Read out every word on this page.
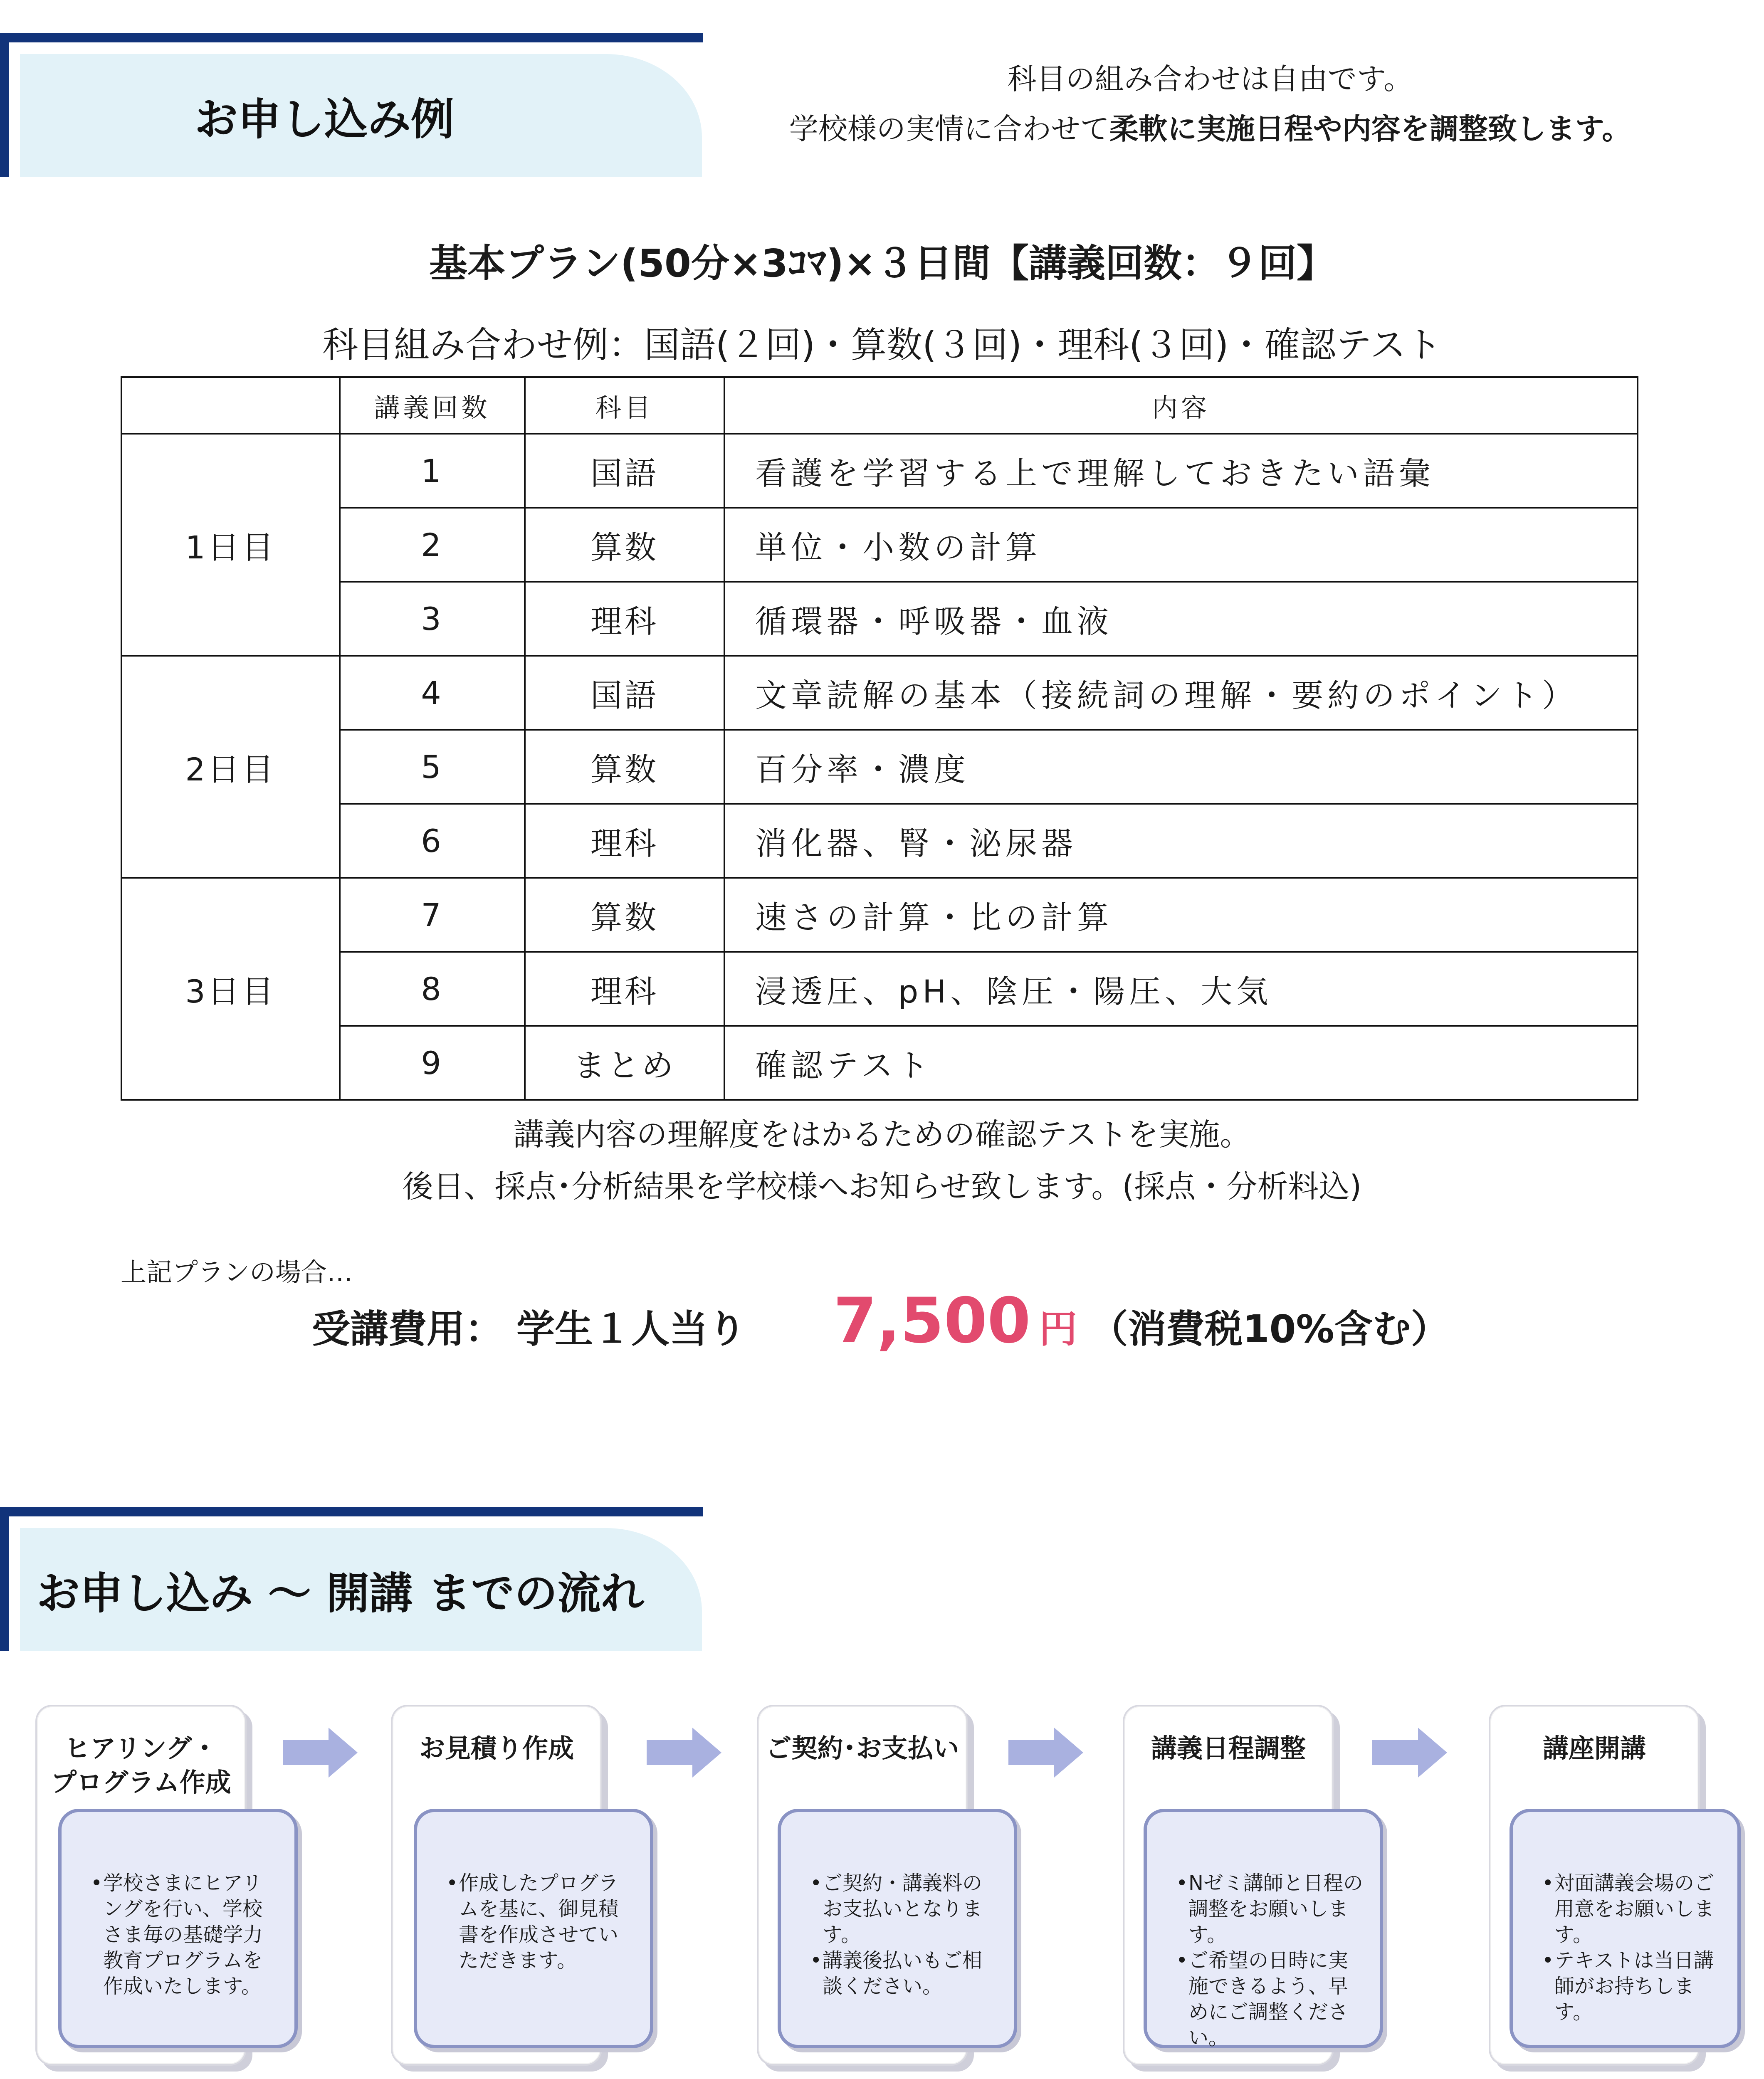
お申し込み例
科目の組み合わせは自由です。
学校様の実情に合わせて柔軟に実施日程や内容を調整致します。
基本プラン(50分×3ｺﾏ)×３日間【講義回数：９回】
科目組み合わせ例：国語(２回)・算数(３回)・理科(３回)・確認テスト
	講義回数	科目	内容
1日目	1	国語	看護を学習する上で理解しておきたい語彙
	2	算数	単位・小数の計算
	3	理科	循環器・呼吸器・血液
2日目	4	国語	文章読解の基本（接続詞の理解・要約のポイント）
	5	算数	百分率・濃度
	6	理科	消化器、腎・泌尿器
3日目	7	算数	速さの計算・比の計算
	8	理科	浸透圧、pH、陰圧・陽圧、大気
	9	まとめ	確認テスト
講義内容の理解度をはかるための確認テストを実施。
後日、採点･分析結果を学校様へお知らせ致します。(採点・分析料込)
上記プランの場合…
受講費用： 学生１人当り 7,500 円 （消費税10%含む）
お申し込み ～ 開講 までの流れ
ヒアリング・
プログラム作成
• 学校さまにヒアリングを行い、学校さま毎の基礎学力教育プログラムを作成いたします。
お見積り作成
• 作成したプログラムを基に、御見積書を作成させていただきます。
ご契約･お支払い
• ご契約・講義料のお支払いとなります。
• 講義後払いもご相談ください。
講義日程調整
• Nゼミ講師と日程の調整をお願いします。
• ご希望の日時に実施できるよう、早めにご調整ください。
講座開講
• 対面講義会場のご用意をお願いします。
• テキストは当日講師がお持ちします。
